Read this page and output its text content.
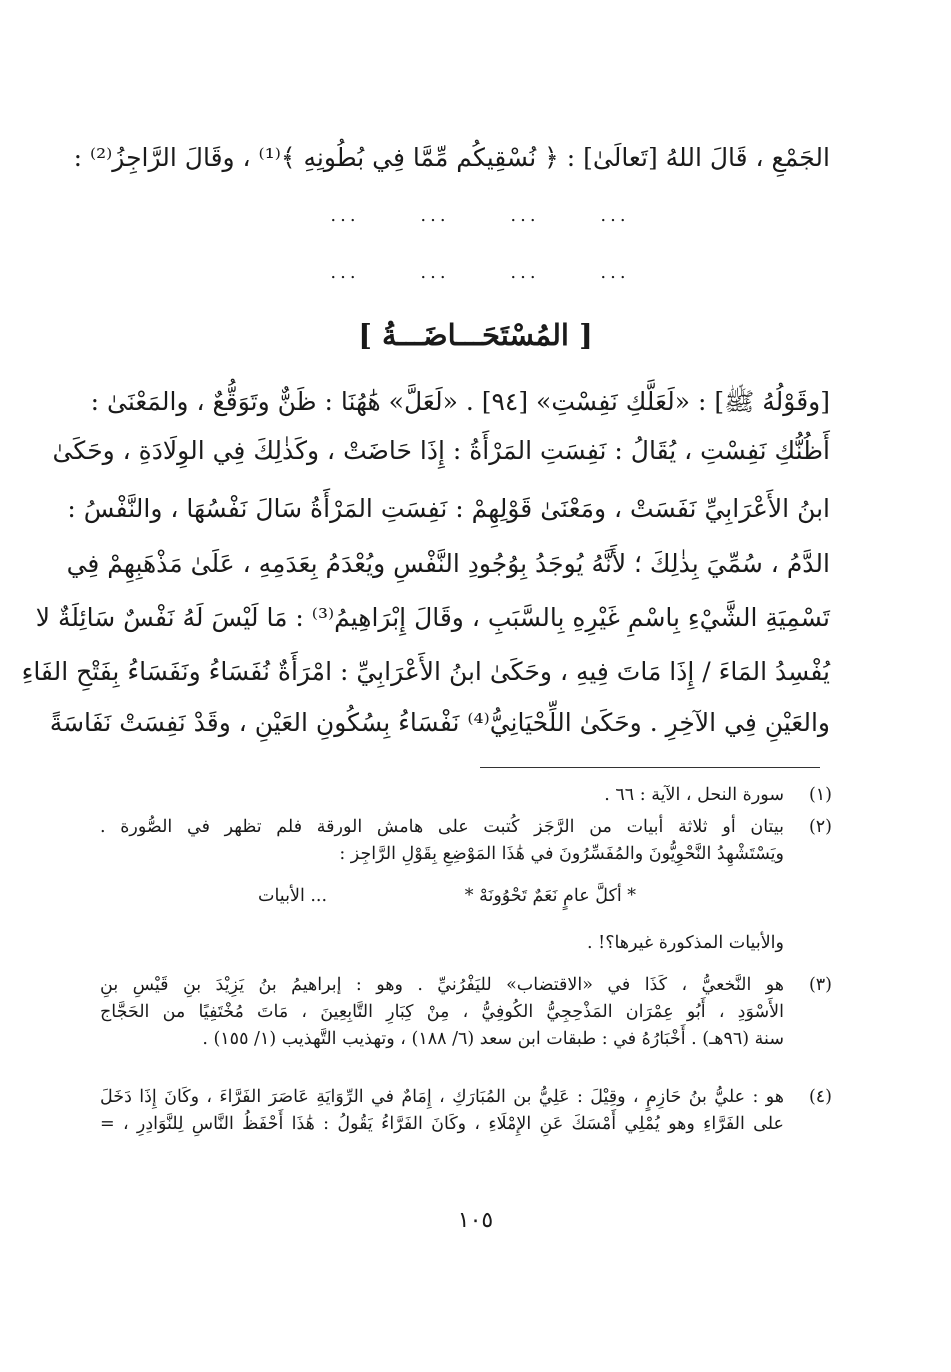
الجَمْعِ ، قَالَ اللهُ [تَعالَىٰ] : ﴿ نُسْقِيكُم مِّمَّا فِي بُطُونِهِ ﴾⁽¹⁾ ، وقَالَ الرَّاجِزُ⁽²⁾ :
...	...	...	...
...	...	...	...
[ المُسْتَحَـــاضَـــةُ ]
[وقَوْلُهُ ﷺ] : «لَعَلَّكِ نَفِسْتِ» [٩٤] . «لَعَلَّ» هَٰهُنَا : ظَنٌّ وتَوَقُّعٌ ، والمَعْنَىٰ :
أَظُنُّكِ نَفِسْتِ ، يُقَالُ : نَفِسَتِ المَرْأَةُ : إِذَا حَاضَتْ ، وكَذٰلِكَ فِي الوِلَادَةِ ، وحَكَىٰ
ابنُ الأَعْرَابِيِّ نَفَسَتْ ، ومَعْنَىٰ قَوْلِهِمْ : نَفِسَتِ المَرْأَةُ سَالَ نَفْسُهَا ، والنَّفْسُ :
الدَّمُ ، سُمِّيَ بِذٰلِكَ ؛ لأَنَّهُ يُوجَدُ بِوُجُودِ النَّفْسِ ويُعْدَمُ بِعَدَمِهِ ، عَلَىٰ مَذْهَبِهِمْ فِي
تَسْمِيَةِ الشَّيْءِ بِاسْمِ غَيْرِهِ بِالسَّبَبِ ، وقَالَ إِبْرَاهِيمُ⁽³⁾ : مَا لَيْسَ لَهُ نَفْسٌ سَائِلَةٌ لا
يُفْسِدُ المَاءَ / إِذَا مَاتَ فِيهِ ، وحَكَىٰ ابنُ الأَعْرَابِيِّ : امْرَأَةٌ نُفَسَاءُ ونَفَسَاءُ بِفَتْحِ الفَاءِ
والعَيْنِ فِي الآخِرِ . وحَكَىٰ اللِّحْيَانِيُّ⁽⁴⁾ نَفْسَاءُ بِسُكُونِ العَيْنِ ، وقَدْ نَفِسَتْ نَفَاسَةً
(١)
سورة النحل ، الآية : ٦٦ .
(٢)
بيتان أو ثلاثة أبيات من الرَّجَز كُتبت على هامش الورقة فلم تظهر في الصُّورة .
ويَسْتَشْهِدُ النَّحْوِيُّونَ والمُفَسِّرُونَ في هَٰذَا المَوْضِعِ بِقَوْلِ الرَّاجِز :
* أكلَّ عامٍ نَعَمٌ تَحْوُونَهْ *
... الأبيات
والأبيات المذكورة غيرها؟! .
(٣)
هو النَّخعيُّ ، كَذَا في «الاقتضاب» لليَفْرُنيِّ . وهو : إبراهيمُ بنُ يَزِيْدَ بنِ قَيْسِ بنِ
الأَسْوَدِ ، أَبُو عِمْرَان المَذْحِجِيُّ الكُوفِيُّ ، مِنْ كِبَارِ التَّابِعِينَ ، مَاتَ مُخْتَفِيًا من الحَجَّاج
سنة (٩٦هـ) . أَخْبَارُهُ في : طبقات ابن سعد (٦/ ١٨٨) ، وتهذيب التَّهذيب (١/ ١٥٥) .
(٤)
هو : عليُّ بنُ حَازِمٍ ، وقِيْلَ : عَلِيُّ بن المُبَارَكِ ، إِمَامٌ في الرِّوَايَةِ عَاصَرَ الفَرَّاءَ ، وكَانَ إِذَا دَخَلَ
على الفَرَّاءِ وهو يُمْلِي أَمْسَكَ عَنِ الإِمْلَاءِ ، وكَانَ الفَرَّاءُ يَقُولُ : هَٰذَا أَحْفَظُ النَّاسِ لِلنَّوَادِرِ ، =
١٠٥
